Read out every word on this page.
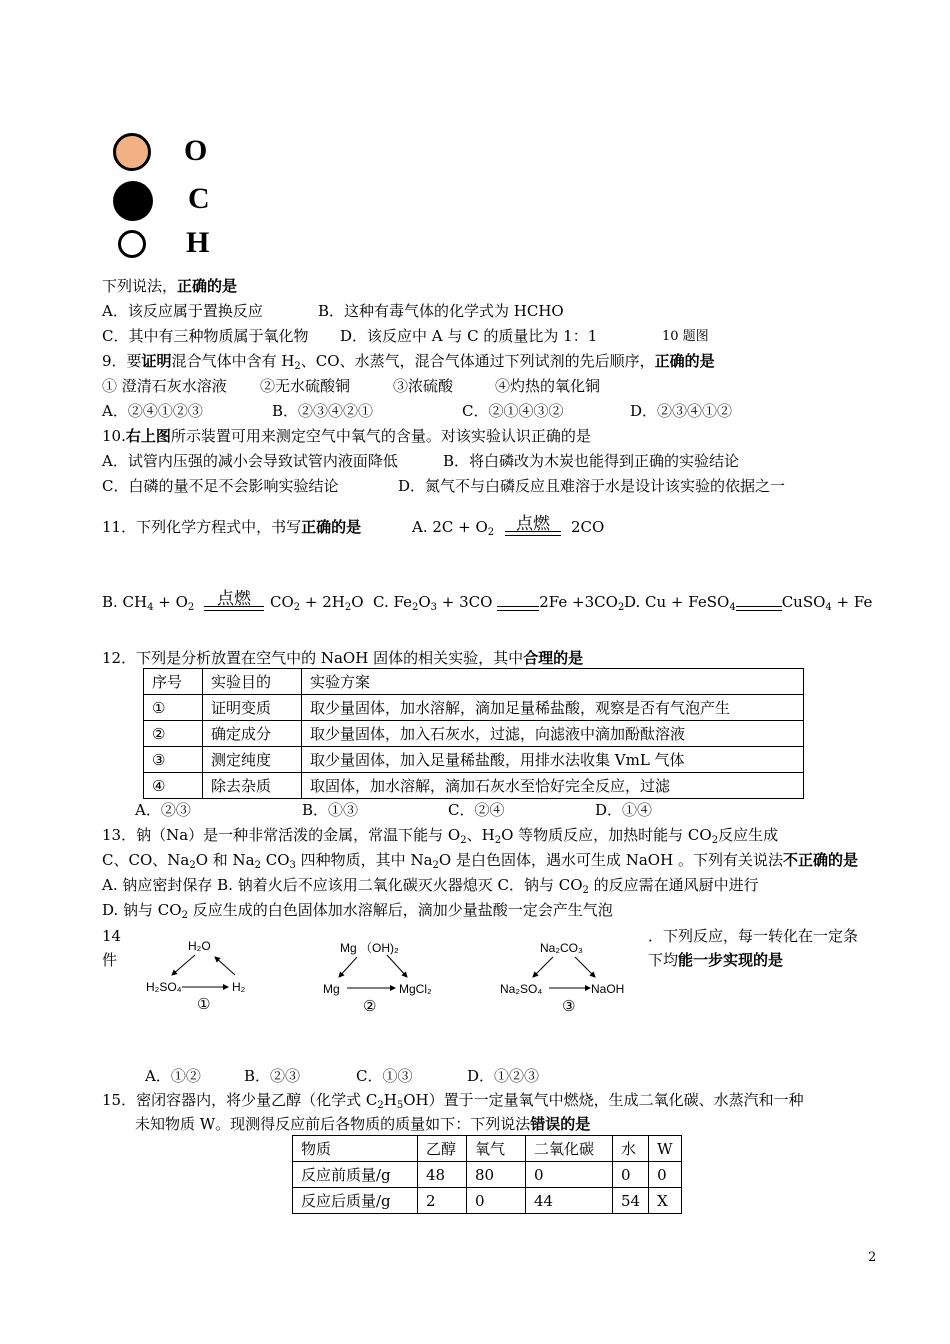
O
C
H
下列说法，正确的是
A．该反应属于置换反应	B．这种有毒气体的化学式为 HCHO
C．其中有三种物质属于氧化物 D．该反应中 A 与 C 的质量比为 1：1	10 题图
9．要证明混合气体中含有 $H_2$、CO、水蒸气，混合气体通过下列试剂的先后顺序，正确的是
① 澄清石灰水溶液 ②无水硫酸铜	③浓硫酸	④灼热的氧化铜
A．②④①②③	B．②③④②①	C．②①④③②	D．②③④①②
10.右上图所示装置可用来测定空气中氧气的含量。对该实验认识正确的是
A．试管内压强的减小会导致试管内液面降低	B．将白磷改为木炭也能得到正确的实验结论
C．白磷的量不足不会影响实验结论	D．氮气不与白磷反应且难溶于水是设计该实验的依据之一
11．下列化学方程式中，书写正确的是	A. $2C + O_2$	点燃	2CO
B. $CH_4 + O_2$	点燃	$CO_2 + 2H_2O$ C. $Fe_2O_3 + 3CO$	$2Fe +3CO_2$ D. Cu + FeSO$_4$	CuSO$_4$ + Fe
12．下列是分析放置在空气中的 NaOH 固体的相关实验，其中合理的是
序号	实验目的	实验方案
①	证明变质	取少量固体，加水溶解，滴加足量稀盐酸，观察是否有气泡产生
②	确定成分	取少量固体，加入石灰水，过滤，向滤液中滴加酚酞溶液
③	测定纯度	取少量固体，加入足量稀盐酸，用排水法收集 VmL 气体
④	除去杂质	取固体，加水溶解，滴加石灰水至恰好完全反应，过滤
A．②③	B．①③	C．②④	D．①④
13．钠（Na）是一种非常活泼的金属，常温下能与 $O_2$、$H_2O$ 等物质反应，加热时能与 $CO_2$反应生成
C、CO、$Na_2O$ 和 $Na_2$ $CO_3$ 四种物质，其中 $Na_2O$ 是白色固体，遇水可生成 NaOH 。下列有关说法不正确的是
A. 钠应密封保存 B. 钠着火后不应该用二氧化碳灭火器熄灭 C．钠与 $CO_2$ 的反应需在通风厨中进行
D. 钠与 $CO_2$ 反应生成的白色固体加水溶解后，滴加少量盐酸一定会产生气泡
14
件
．下列反应，每一转化在一定条
下均能一步实现的是
H₂O
H₂SO₄	H₂
①
Mg （OH)₂
Mg	MgCl₂
②
Na₂CO₃
Na₂SO₄	NaOH
③
A．①②	B．②③	C．①③	D．①②③
15．密闭容器内，将少量乙醇（化学式 $C_2H_5OH$）置于一定量氧气中燃烧，生成二氧化碳、水蒸汽和一种
未知物质 W。现测得反应前后各物质的质量如下：下列说法错误的是
物质	乙醇	氧气	二氧化碳	水	W
反应前质量/g	48	80	0	0	0
反应后质量/g	2	0	44	54	X
2
